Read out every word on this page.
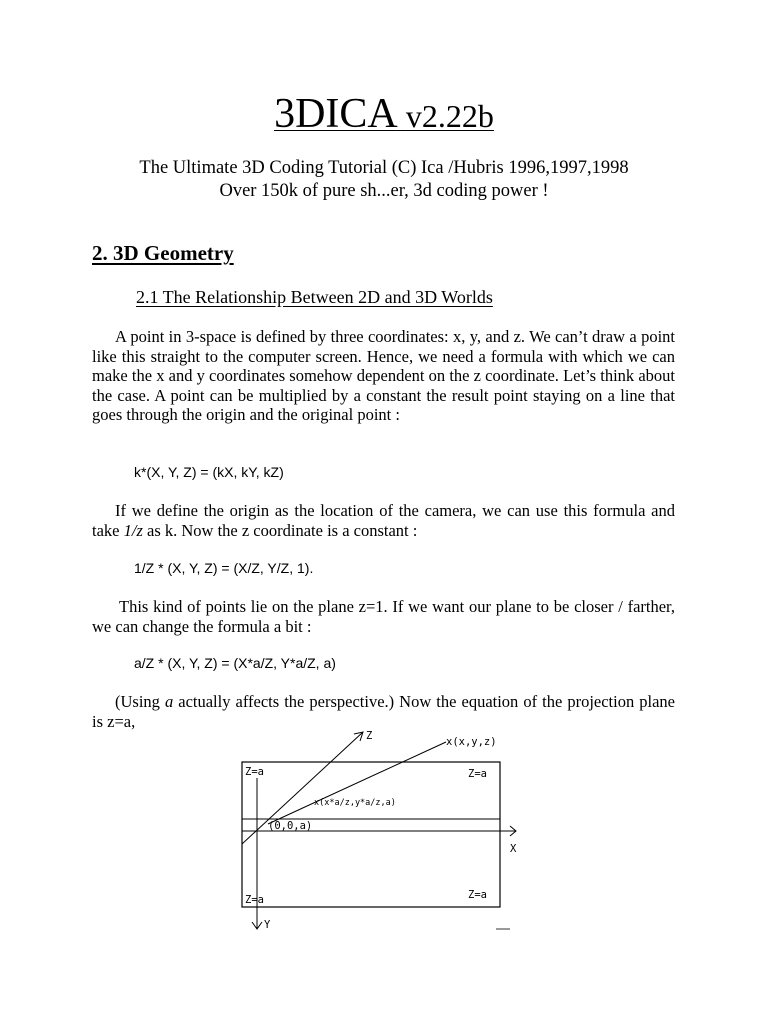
3DICA v2.22b
The Ultimate 3D Coding Tutorial (C) Ica /Hubris 1996,1997,1998
Over 150k of pure sh...er, 3d coding power !
2. 3D Geometry
2.1 The Relationship Between 2D and 3D Worlds
A point in 3-space is defined by three coordinates: x, y, and z. We can’t draw a point like this straight to the computer screen. Hence, we need a formula with which we can make the x and y coordinates somehow dependent on the z coordinate. Let’s think about the case. A point can be multiplied by a constant the result point staying on a line that goes through the origin and the original point :
k*(X, Y, Z) = (kX, kY, kZ)
If we define the origin as the location of the camera, we can use this formula and take 1/z as k. Now the z coordinate is a constant :
1/Z * (X, Y, Z) = (X/Z, Y/Z, 1).
This kind of points lie on the plane z=1. If we want our plane to be closer / farther, we can change the formula a bit :
a/Z * (X, Y, Z) = (X*a/Z, Y*a/Z, a)
(Using a actually affects the perspective.) Now the equation of the projection plane is z=a,
Z	x(x,y,z)
Z=a	Z=a
x(x*a/z,y*a/z,a)
(0,0,a)
X
Z=a	Z=a
Y
